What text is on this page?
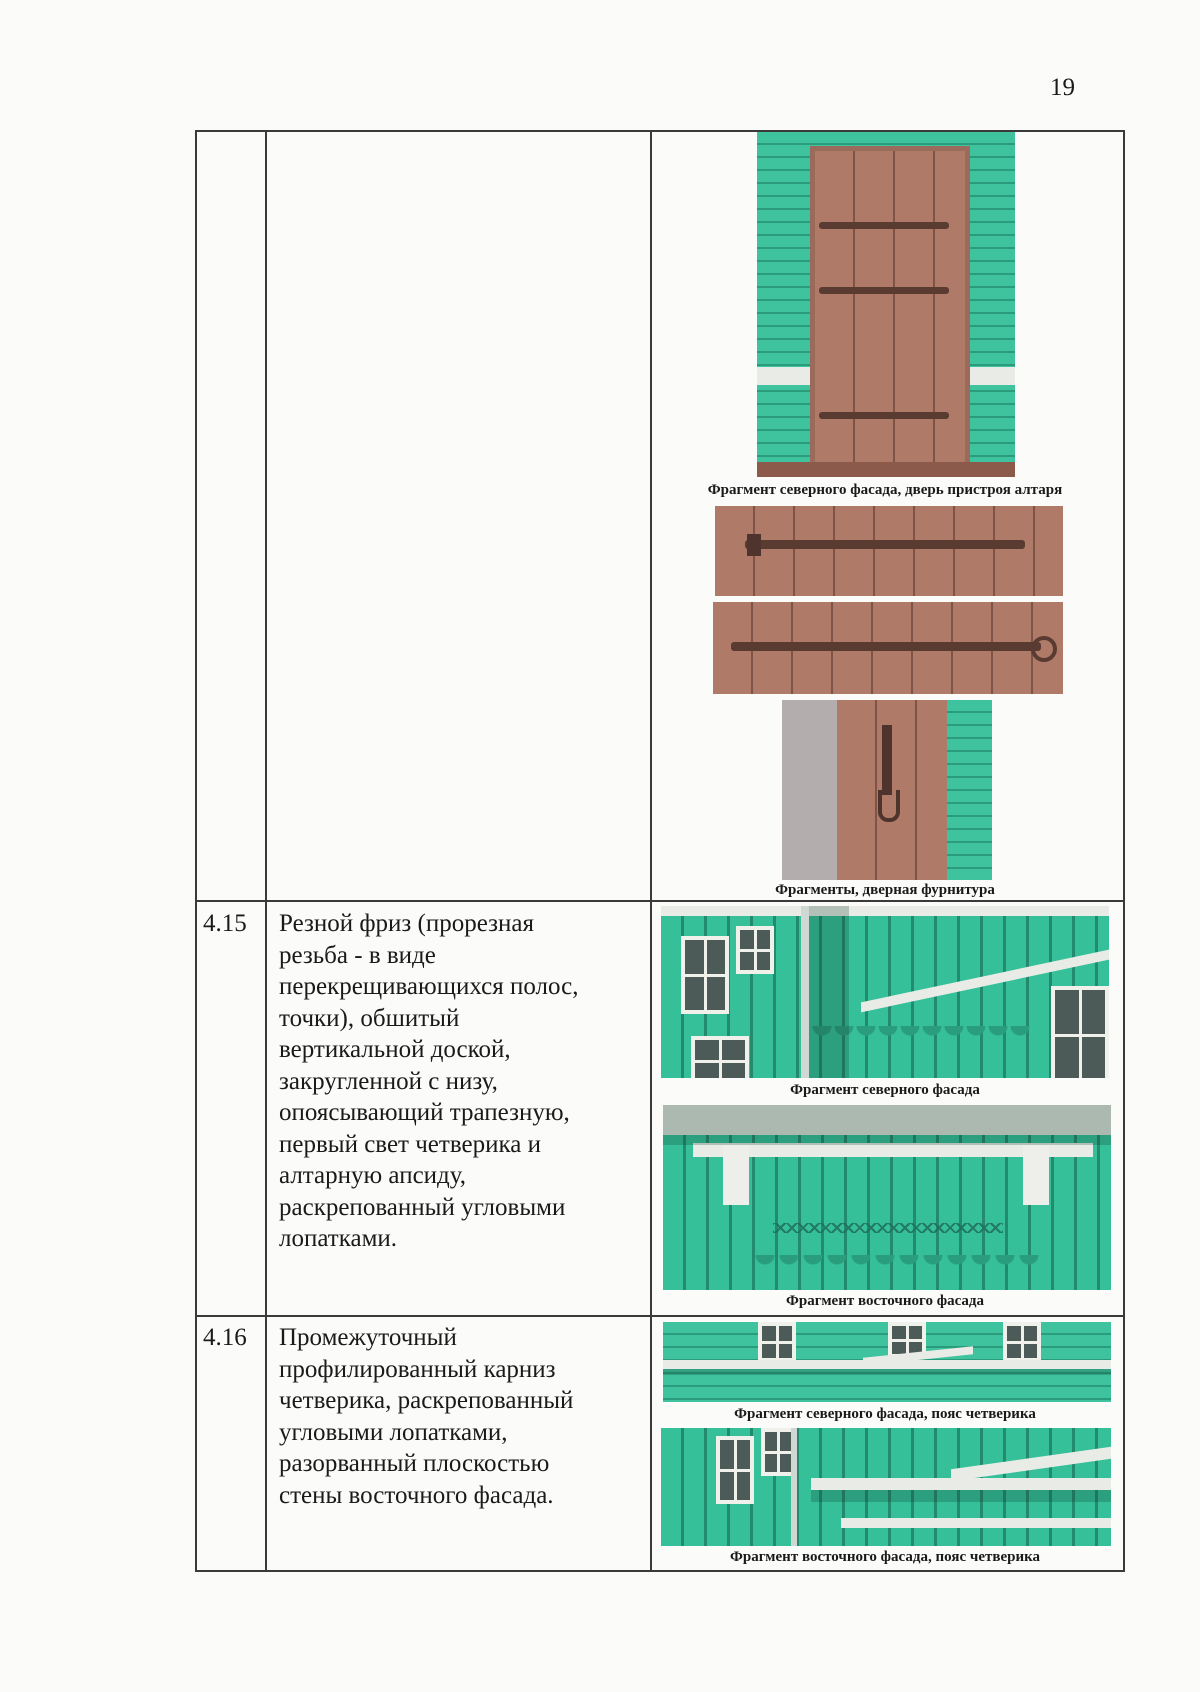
19
Фрагмент северного фасада, дверь пристроя алтаря
Фрагменты, дверная фурнитура
4.15	Резной фриз (прорезная
резьба - в виде
перекрещивающихся полос,
точки), обшитый
вертикальной доской,
закругленной с низу,
опоясывающий трапезную,
первый свет четверика и
алтарную апсиду,
раскрепованный угловыми
лопатками.
Фрагмент северного фасада
Фрагмент восточного фасада
4.16	Промежуточный
профилированный карниз
четверика, раскрепованный
угловыми лопатками,
разорванный плоскостью
стены восточного фасада.
Фрагмент северного фасада, пояс четверика
Фрагмент восточного фасада, пояс четверика
